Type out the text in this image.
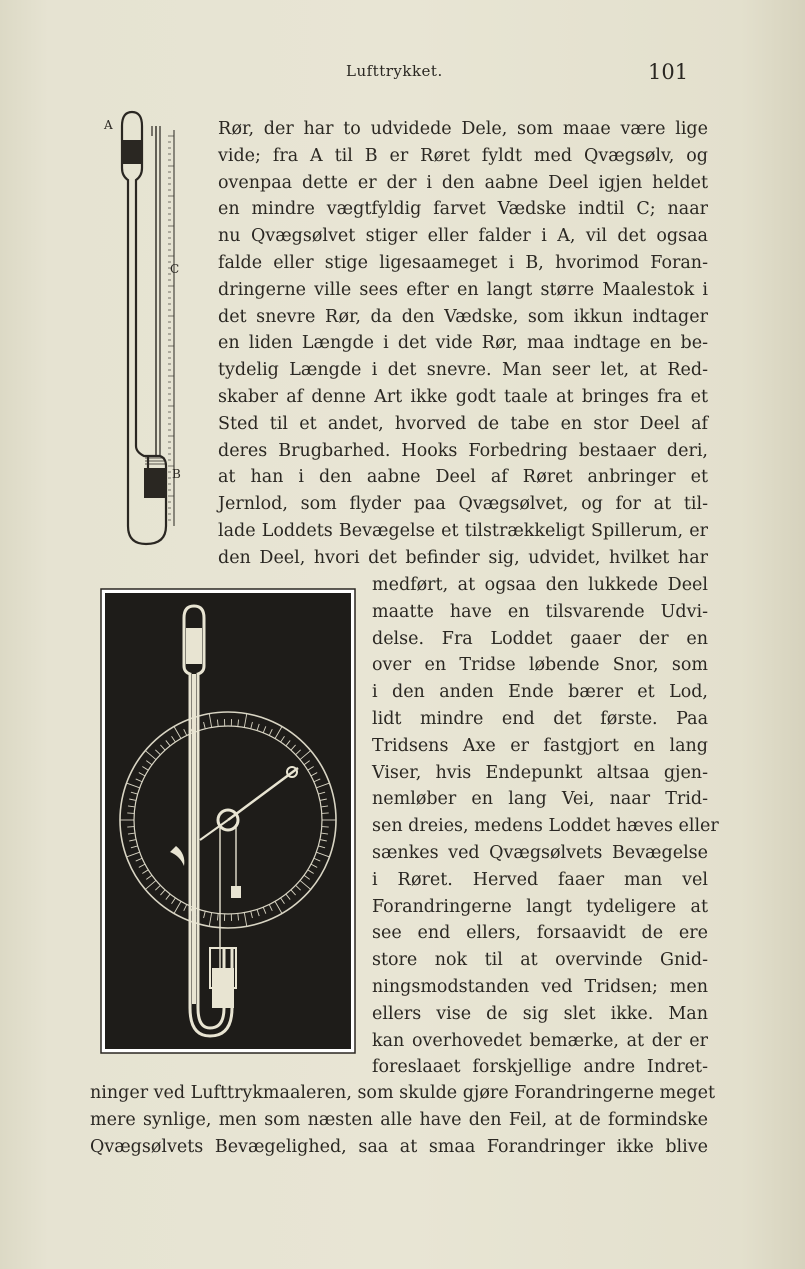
Lufttrykket.	101
A
C
B
Rør, der har to udvidede Dele, som maae være lige
vide; fra A til B er Røret fyldt med Qvægsølv, og
ovenpaa dette er der i den aabne Deel igjen heldet
en mindre vægtfyldig farvet Vædske indtil C; naar
nu Qvægsølvet stiger eller falder i A, vil det ogsaa
falde eller stige ligesaameget i B, hvorimod Foran-
dringerne ville sees efter en langt større Maalestok i
det snevre Rør, da den Vædske, som ikkun indtager
en liden Længde i det vide Rør, maa indtage en be-
tydelig Længde i det snevre. Man seer let, at Red-
skaber af denne Art ikke godt taale at bringes fra et
Sted til et andet, hvorved de tabe en stor Deel af
deres Brugbarhed. Hooks Forbedring bestaaer deri,
at han i den aabne Deel af Røret anbringer et
Jernlod, som flyder paa Qvægsølvet, og for at til-
lade Loddets Bevægelse et tilstrækkeligt Spillerum, er
den Deel, hvori det befinder sig, udvidet, hvilket har
medført, at ogsaa den lukkede Deel
maatte have en tilsvarende Udvi-
delse. Fra Loddet gaaer der en
over en Tridse løbende Snor, som
i den anden Ende bærer et Lod,
lidt mindre end det første. Paa
Tridsens Axe er fastgjort en lang
Viser, hvis Endepunkt altsaa gjen-
nemløber en lang Vei, naar Trid-
sen dreies, medens Loddet hæves eller
sænkes ved Qvægsølvets Bevægelse
i Røret. Herved faaer man vel
Forandringerne langt tydeligere at
see end ellers, forsaavidt de ere
store nok til at overvinde Gnid-
ningsmodstanden ved Tridsen; men
ellers vise de sig slet ikke. Man
kan overhovedet bemærke, at der er
foreslaaet forskjellige andre Indret-
ninger ved Lufttrykmaaleren, som skulde gjøre Forandringerne meget
mere synlige, men som næsten alle have den Feil, at de formindske
Qvægsølvets Bevægelighed, saa at smaa Forandringer ikke blive
